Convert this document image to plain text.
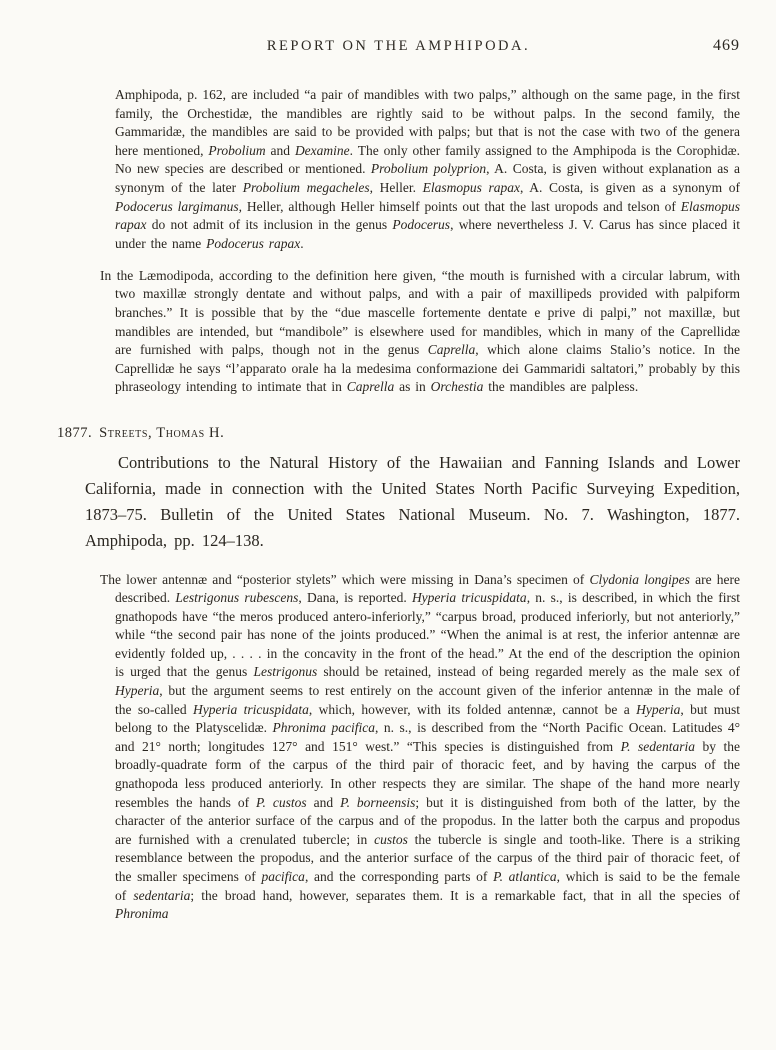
REPORT ON THE AMPHIPODA.	469

Amphipoda, p. 162, are included “a pair of mandibles with two palps,” although on the same page, in the first family, the Orchestidæ, the mandibles are rightly said to be without palps. In the second family, the Gammaridæ, the mandibles are said to be provided with palps; but that is not the case with two of the genera here mentioned, Probolium and Dexamine. The only other family assigned to the Amphipoda is the Corophidæ. No new species are described or mentioned. Probolium polyprion, A. Costa, is given without explanation as a synonym of the later Probolium megacheles, Heller. Elasmopus rapax, A. Costa, is given as a synonym of Podocerus largimanus, Heller, although Heller himself points out that the last uropods and telson of Elasmopus rapax do not admit of its inclusion in the genus Podocerus, where nevertheless J. V. Carus has since placed it under the name Podocerus rapax.

In the Læmodipoda, according to the definition here given, “the mouth is furnished with a circular labrum, with two maxillæ strongly dentate and without palps, and with a pair of maxillipeds provided with palpiform branches.” It is possible that by the “due mascelle fortemente dentate e prive di palpi,” not maxillæ, but mandibles are intended, but “mandibole” is elsewhere used for mandibles, which in many of the Caprellidæ are furnished with palps, though not in the genus Caprella, which alone claims Stalio’s notice. In the Caprellidæ he says “l’apparato orale ha la medesima conformazione dei Gammaridi saltatori,” probably by this phraseology intending to intimate that in Caprella as in Orchestia the mandibles are palpless.

1877. Streets, Thomas H.

Contributions to the Natural History of the Hawaiian and Fanning Islands and Lower California, made in connection with the United States North Pacific Surveying Expedition, 1873–75. Bulletin of the United States National Museum. No. 7. Washington, 1877. Amphipoda, pp. 124–138.

The lower antennæ and “posterior stylets” which were missing in Dana’s specimen of Clydonia longipes are here described. Lestrigonus rubescens, Dana, is reported. Hyperia tricuspidata, n. s., is described, in which the first gnathopods have “the meros produced antero-inferiorly,” “carpus broad, produced inferiorly, but not anteriorly,” while “the second pair has none of the joints produced.” “When the animal is at rest, the inferior antennæ are evidently folded up, . . . . in the concavity in the front of the head.” At the end of the description the opinion is urged that the genus Lestrigonus should be retained, instead of being regarded merely as the male sex of Hyperia, but the argument seems to rest entirely on the account given of the inferior antennæ in the male of the so-called Hyperia tricuspidata, which, however, with its folded antennæ, cannot be a Hyperia, but must belong to the Platyscelidæ. Phronima pacifica, n. s., is described from the “North Pacific Ocean. Latitudes 4° and 21° north; longitudes 127° and 151° west.” “This species is distinguished from P. sedentaria by the broadly-quadrate form of the carpus of the third pair of thoracic feet, and by having the carpus of the gnathopoda less produced anteriorly. In other respects they are similar. The shape of the hand more nearly resembles the hands of P. custos and P. borneensis; but it is distinguished from both of the latter, by the character of the anterior surface of the carpus and of the propodus. In the latter both the carpus and propodus are furnished with a crenulated tubercle; in custos the tubercle is single and tooth-like. There is a striking resemblance between the propodus, and the anterior surface of the carpus of the third pair of thoracic feet, of the smaller specimens of pacifica, and the corresponding parts of P. atlantica, which is said to be the female of sedentaria; the broad hand, however, separates them. It is a remarkable fact, that in all the species of Phronima
